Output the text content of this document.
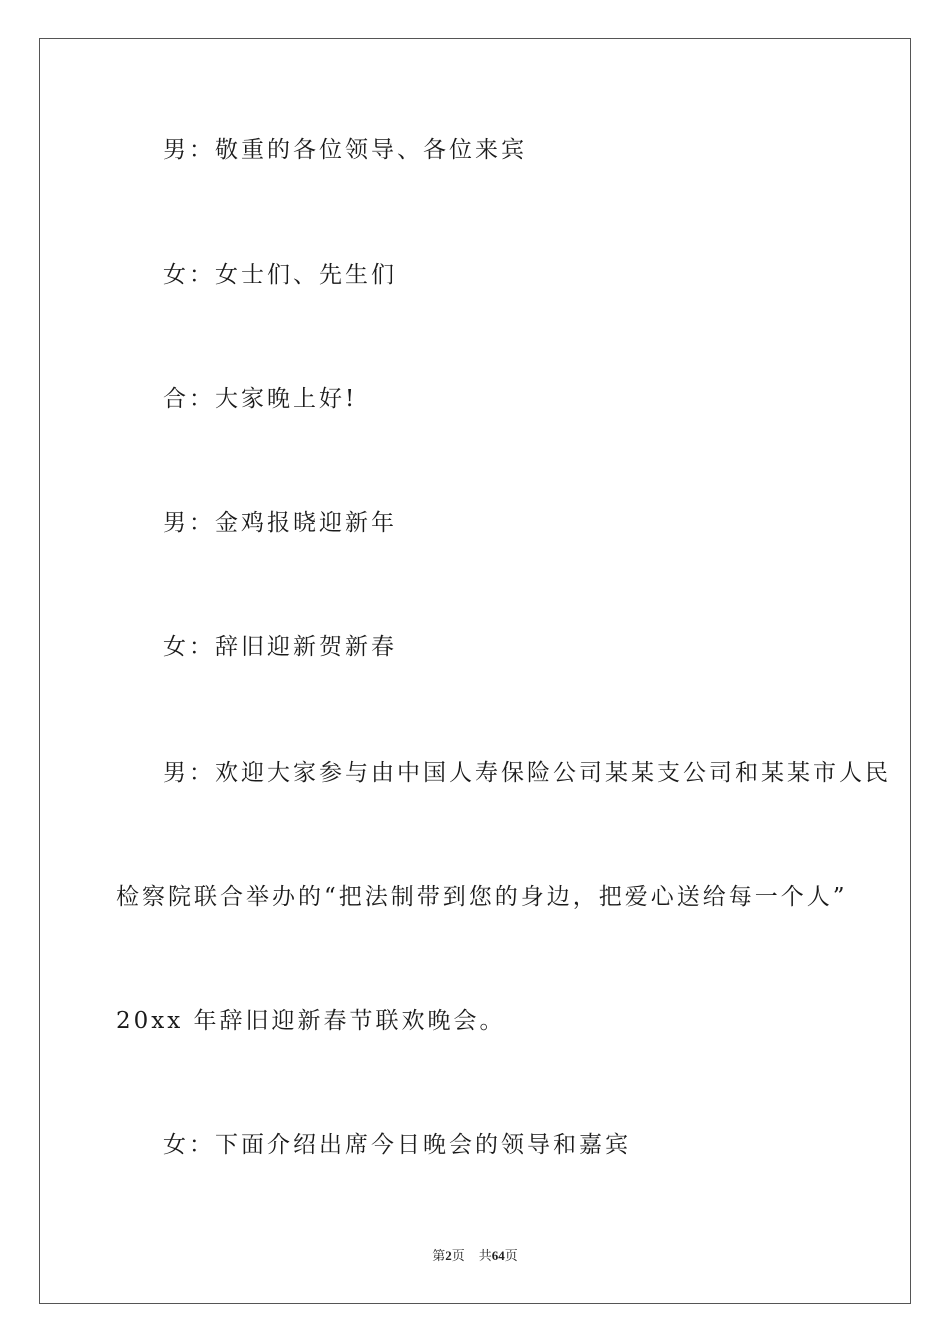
男：敬重的各位领导、各位来宾
女：女士们、先生们
合：大家晚上好!
男：金鸡报晓迎新年
女：辞旧迎新贺新春
男：欢迎大家参与由中国人寿保险公司某某支公司和某某市人民
检察院联合举办的“把法制带到您的身边，把爱心送给每一个人”
20xx 年辞旧迎新春节联欢晚会。
女：下面介绍出席今日晚会的领导和嘉宾
第2页 共64页
